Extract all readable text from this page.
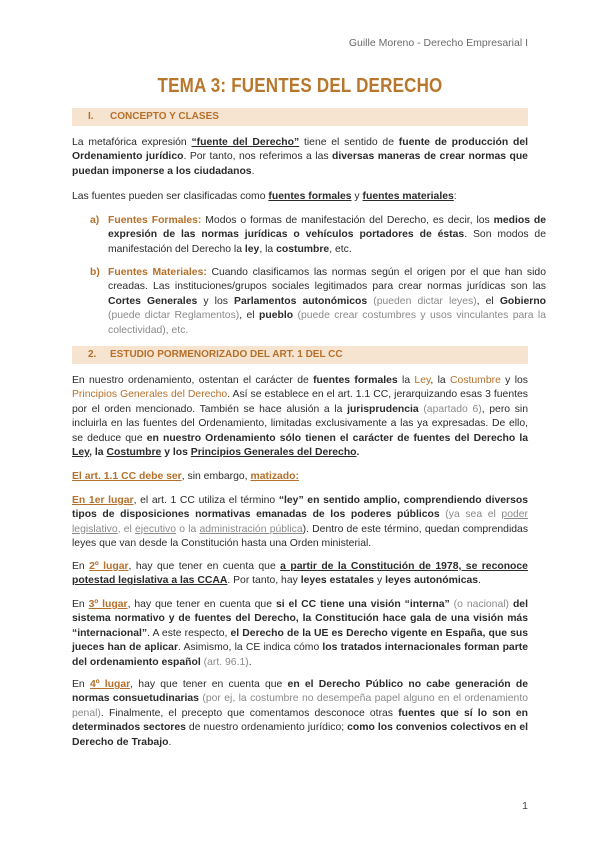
Guille Moreno - Derecho Empresarial I
TEMA 3: FUENTES DEL DERECHO
I. CONCEPTO Y CLASES

La metafórica expresión “fuente del Derecho” tiene el sentido de fuente de producción del Ordenamiento jurídico. Por tanto, nos referimos a las diversas maneras de crear normas que puedan imponerse a los ciudadanos.

Las fuentes pueden ser clasificadas como fuentes formales y fuentes materiales:

a) Fuentes Formales: Modos o formas de manifestación del Derecho, es decir, los medios de expresión de las normas jurídicas o vehículos portadores de éstas. Son modos de manifestación del Derecho la ley, la costumbre, etc.

b) Fuentes Materiales: Cuando clasificamos las normas según el origen por el que han sido creadas. Las instituciones/grupos sociales legitimados para crear normas jurídicas son las Cortes Generales y los Parlamentos autonómicos (pueden dictar leyes), el Gobierno (puede dictar Reglamentos), el pueblo (puede crear costumbres y usos vinculantes para la colectividad), etc.

2. ESTUDIO PORMENORIZADO DEL ART. 1 DEL CC

En nuestro ordenamiento, ostentan el carácter de fuentes formales la Ley, la Costumbre y los Principios Generales del Derecho. Así se establece en el art. 1.1 CC, jerarquizando esas 3 fuentes por el orden mencionado. También se hace alusión a la jurisprudencia (apartado 6), pero sin incluirla en las fuentes del Ordenamiento, limitadas exclusivamente a las ya expresadas. De ello, se deduce que en nuestro Ordenamiento sólo tienen el carácter de fuentes del Derecho la Ley, la Costumbre y los Principios Generales del Derecho.

El art. 1.1 CC debe ser, sin embargo, matizado:

En 1er lugar, el art. 1 CC utiliza el término “ley” en sentido amplio, comprendiendo diversos tipos de disposiciones normativas emanadas de los poderes públicos (ya sea el poder legislativo, el ejecutivo o la administración pública). Dentro de este término, quedan comprendidas leyes que van desde la Constitución hasta una Orden ministerial.

En 2º lugar, hay que tener en cuenta que a partir de la Constitución de 1978, se reconoce potestad legislativa a las CCAA. Por tanto, hay leyes estatales y leyes autonómicas.

En 3º lugar, hay que tener en cuenta que si el CC tiene una visión “interna” (o nacional) del sistema normativo y de fuentes del Derecho, la Constitución hace gala de una visión más “internacional”. A este respecto, el Derecho de la UE es Derecho vigente en España, que sus jueces han de aplicar. Asimismo, la CE indica cómo los tratados internacionales forman parte del ordenamiento español (art. 96.1).

En 4º lugar, hay que tener en cuenta que en el Derecho Público no cabe generación de normas consuetudinarias (por ej, la costumbre no desempeña papel alguno en el ordenamiento penal). Finalmente, el precepto que comentamos desconoce otras fuentes que sí lo son en determinados sectores de nuestro ordenamiento jurídico; como los convenios colectivos en el Derecho de Trabajo.

1
